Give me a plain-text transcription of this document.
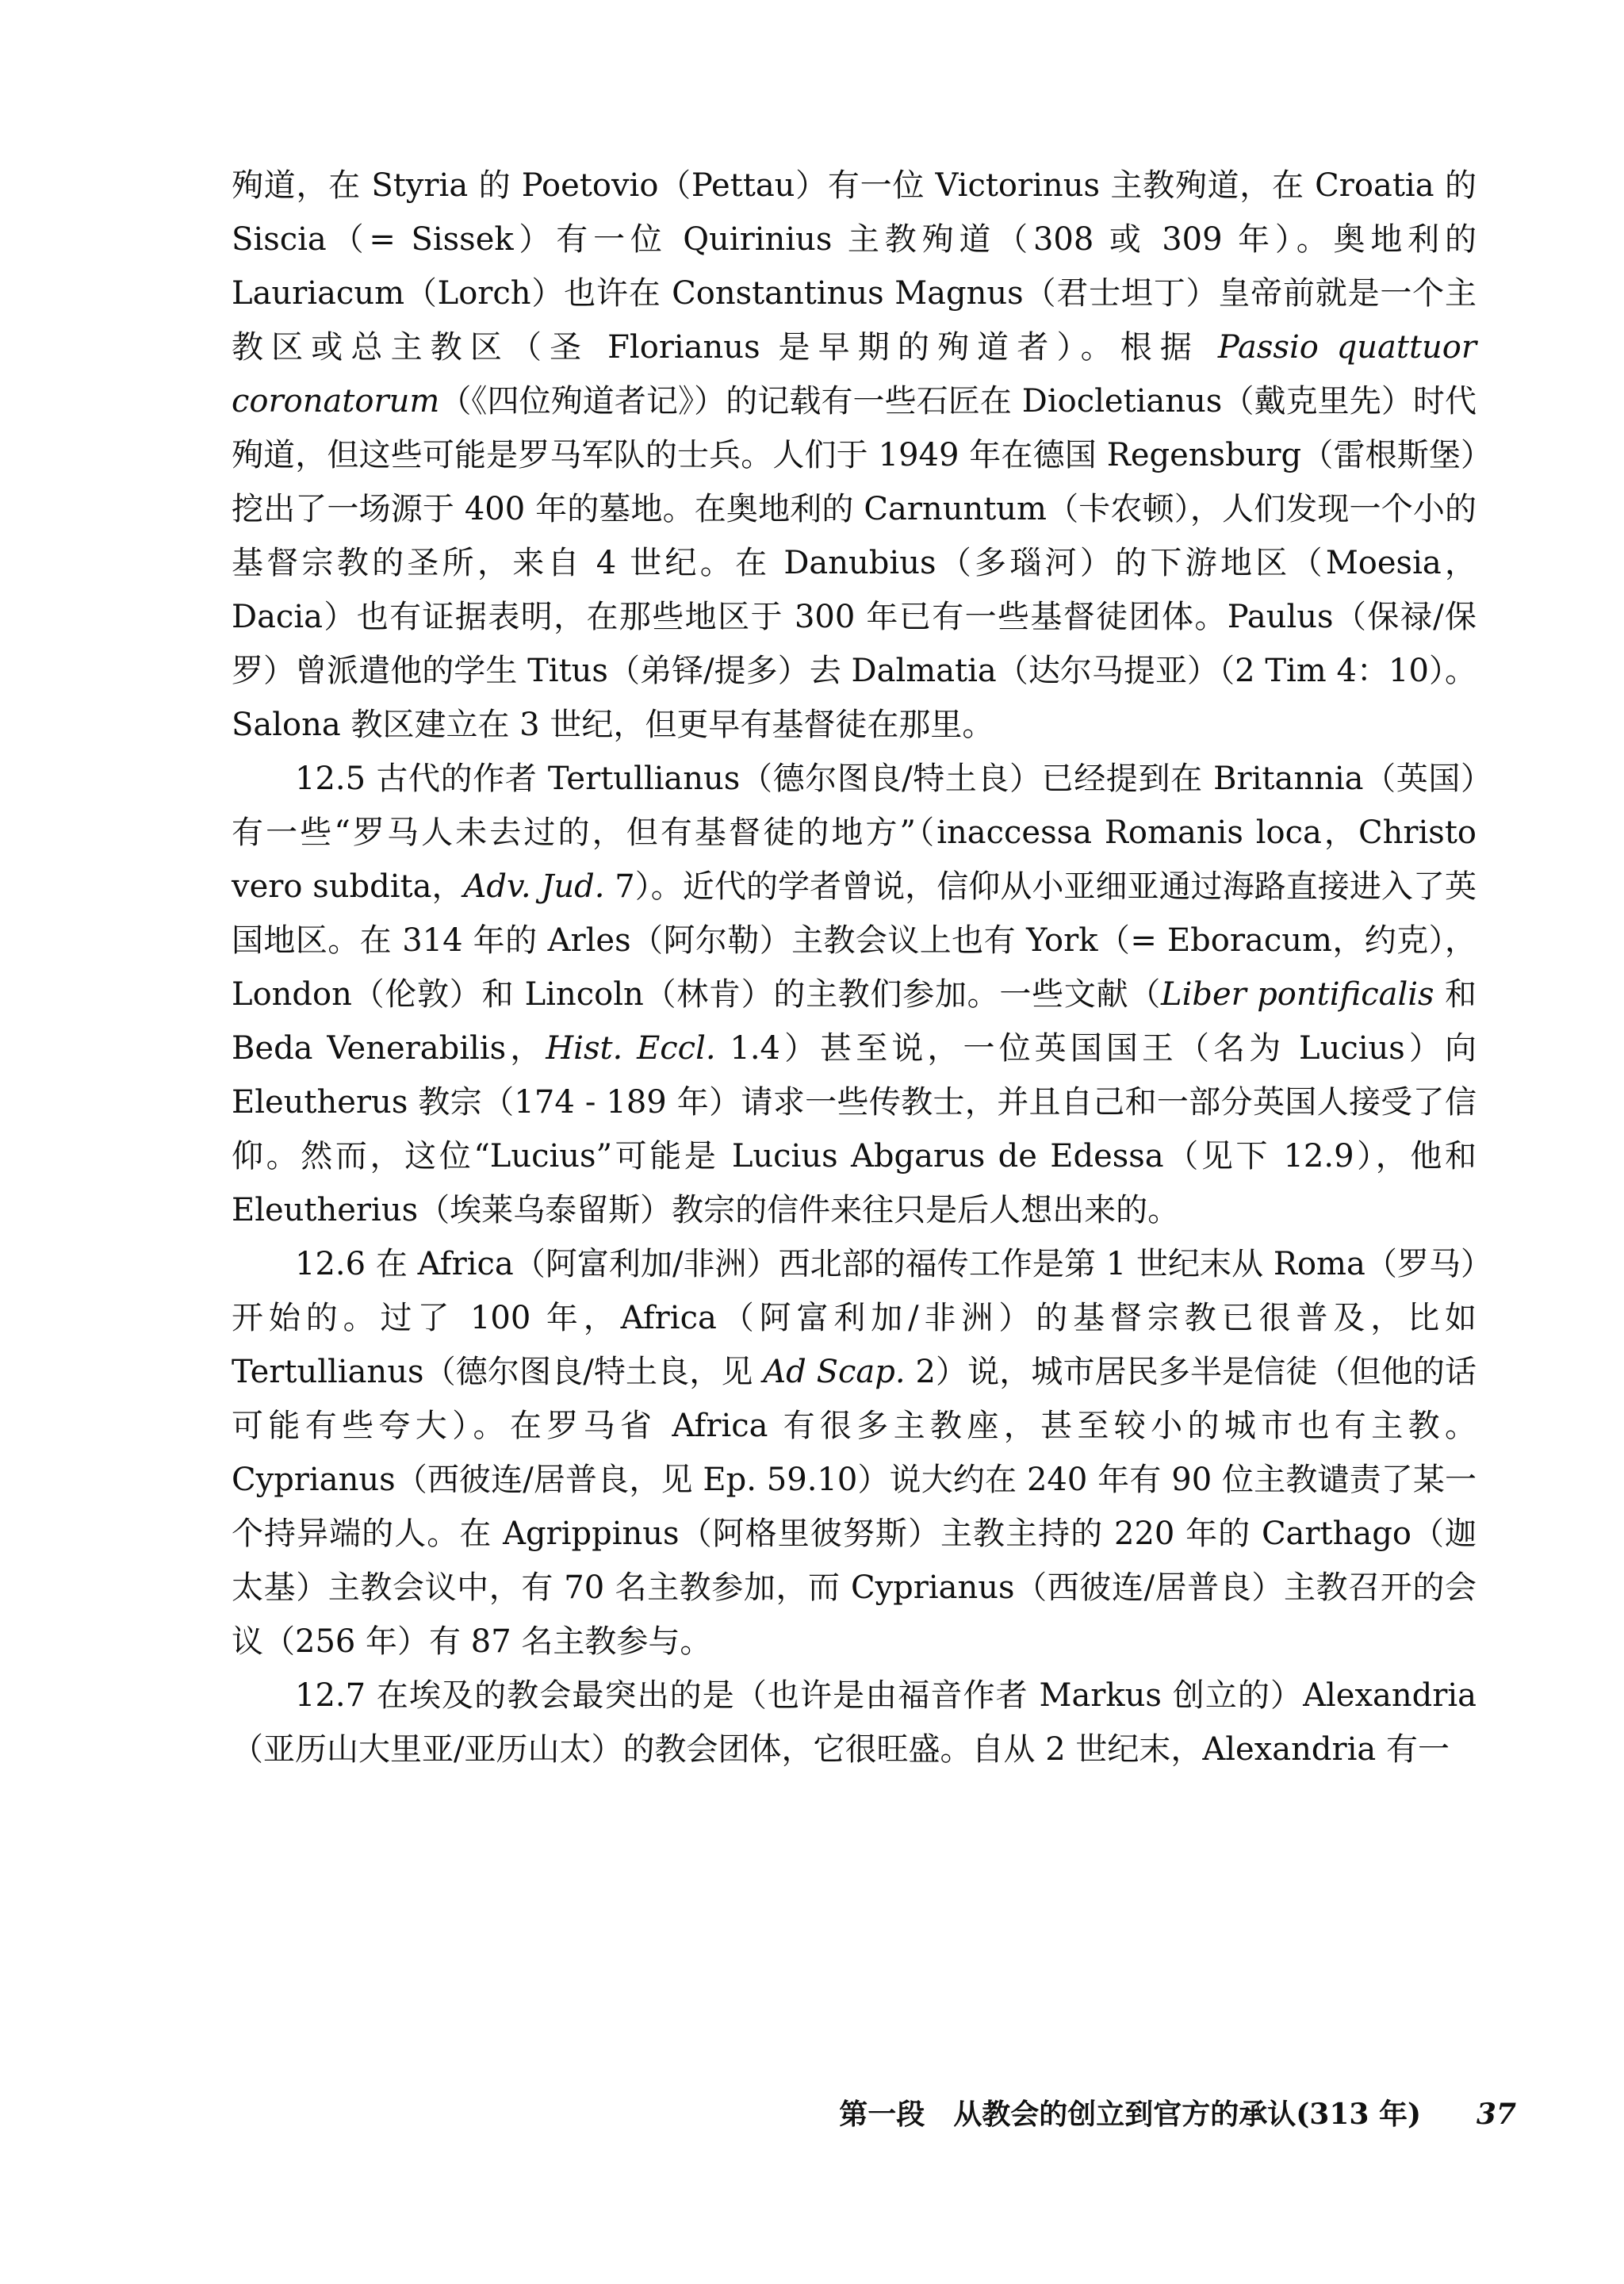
殉道，在 Styria 的 Poetovio（Pettau）有一位 Victorinus 主教殉道，在 Croatia 的 Siscia（= Sissek）有一位 Quirinius 主教殉道（308 或 309 年）。奥地利的 Lauriacum（Lorch）也许在 Constantinus Magnus（君士坦丁）皇帝前就是一个主教区或总主教区（圣 Florianus 是早期的殉道者）。根据 Passio quattuor coronatorum（《四位殉道者记》）的记载有一些石匠在 Diocletianus（戴克里先）时代殉道，但这些可能是罗马军队的士兵。人们于 1949 年在德国 Regensburg（雷根斯堡）挖出了一场源于 400 年的墓地。在奥地利的 Carnuntum（卡农顿），人们发现一个小的基督宗教的圣所，来自 4 世纪。在 Danubius（多瑙河）的下游地区（Moesia，Dacia）也有证据表明，在那些地区于 300 年已有一些基督徒团体。Paulus（保禄/保罗）曾派遣他的学生 Titus（弟铎/提多）去 Dalmatia（达尔马提亚）（2 Tim 4：10）。Salona 教区建立在 3 世纪，但更早有基督徒在那里。

12.5 古代的作者 Tertullianus（德尔图良/特土良）已经提到在 Britannia（英国）有一些“罗马人未去过的，但有基督徒的地方”（inaccessa Romanis loca，Christo vero subdita，Adv. Jud. 7）。近代的学者曾说，信仰从小亚细亚通过海路直接进入了英国地区。在 314 年的 Arles（阿尔勒）主教会议上也有 York（= Eboracum，约克），London（伦敦）和 Lincoln（林肯）的主教们参加。一些文献（Liber pontificalis 和 Beda Venerabilis，Hist. Eccl. 1.4）甚至说，一位英国国王（名为 Lucius）向 Eleutherus 教宗（174 - 189 年）请求一些传教士，并且自己和一部分英国人接受了信仰。然而，这位“Lucius”可能是 Lucius Abgarus de Edessa（见下 12.9），他和 Eleutherius（埃莱乌泰留斯）教宗的信件来往只是后人想出来的。

12.6 在 Africa（阿富利加/非洲）西北部的福传工作是第 1 世纪末从 Roma（罗马）开始的。过了 100 年，Africa（阿富利加/非洲）的基督宗教已很普及，比如 Tertullianus（德尔图良/特土良，见 Ad Scap. 2）说，城市居民多半是信徒（但他的话可能有些夸大）。在罗马省 Africa 有很多主教座，甚至较小的城市也有主教。Cyprianus（西彼连/居普良，见 Ep. 59.10）说大约在 240 年有 90 位主教谴责了某一个持异端的人。在 Agrippinus（阿格里彼努斯）主教主持的 220 年的 Carthago（迦太基）主教会议中，有 70 名主教参加，而 Cyprianus（西彼连/居普良）主教召开的会议（256 年）有 87 名主教参与。

12.7 在埃及的教会最突出的是（也许是由福音作者 Markus 创立的）Alexandria（亚历山大里亚/亚历山太）的教会团体，它很旺盛。自从 2 世纪末，Alexandria 有一

第一段　从教会的创立到官方的承认(313 年) 37
